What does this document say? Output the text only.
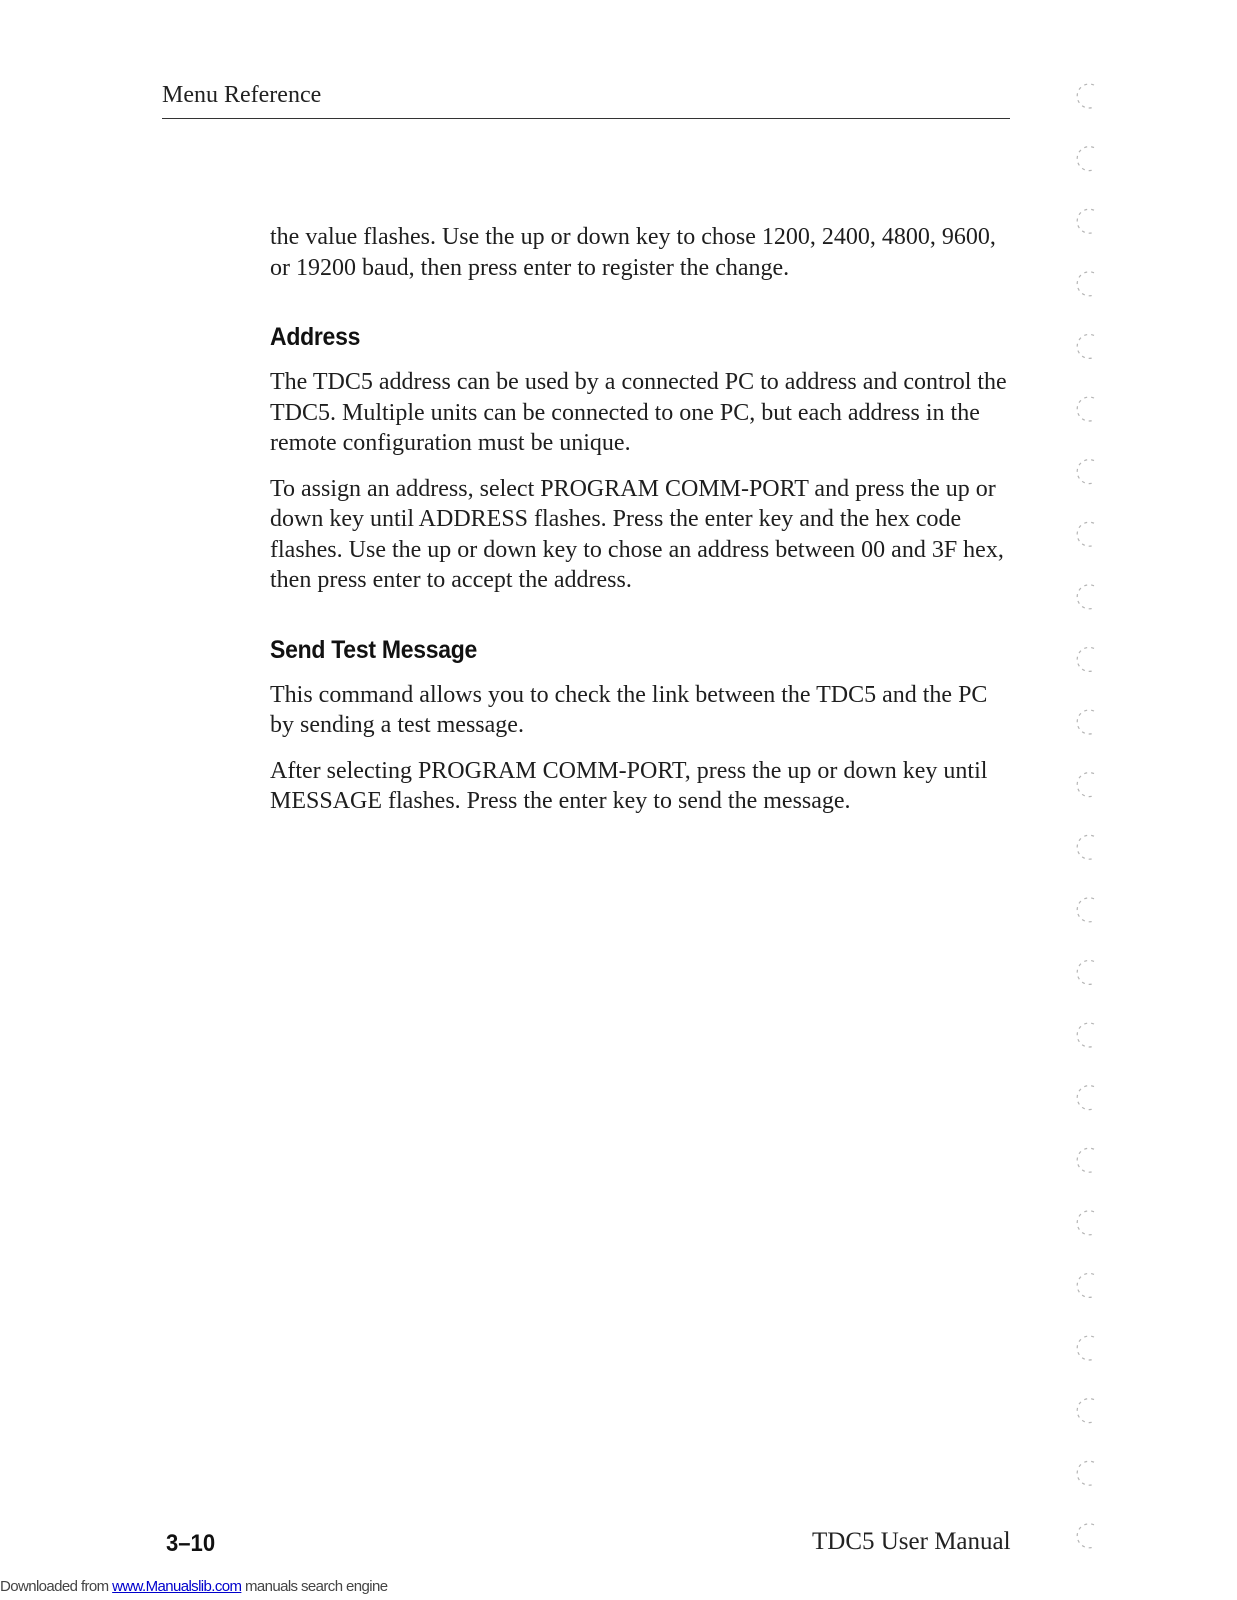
Menu Reference

the value flashes. Use the up or down key to chose 1200, 2400, 4800, 9600, or 19200 baud, then press enter to register the change.

Address

The TDC5 address can be used by a connected PC to address and control the TDC5. Multiple units can be connected to one PC, but each address in the remote configuration must be unique.

To assign an address, select PROGRAM COMM-PORT and press the up or down key until ADDRESS flashes. Press the enter key and the hex code flashes. Use the up or down key to chose an address between 00 and 3F hex, then press enter to accept the address.

Send Test Message

This command allows you to check the link between the TDC5 and the PC by sending a test message.

After selecting PROGRAM COMM-PORT, press the up or down key until MESSAGE flashes. Press the enter key to send the message.

3–10	TDC5 User Manual
Downloaded from www.Manualslib.com manuals search engine
